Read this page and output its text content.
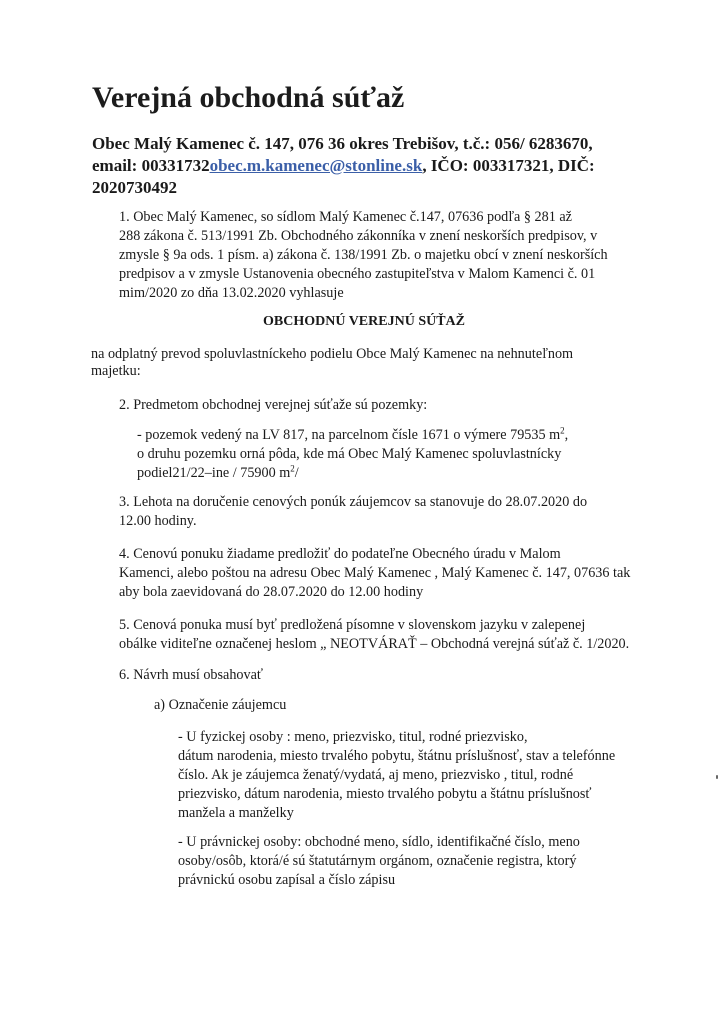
Verejná obchodná súťaž
Obec Malý Kamenec č. 147, 076 36 okres Trebišov, t.č.: 056/ 6283670,
email: 00331732obec.m.kamenec@stonline.sk, IČO: 003317321, DIČ:
2020730492
1. Obec Malý Kamenec, so sídlom Malý Kamenec č.147, 07636 podľa § 281 až
288 zákona č. 513/1991 Zb. Obchodného zákonníka v znení neskorších predpisov, v
zmysle § 9a ods. 1 písm. a) zákona č. 138/1991 Zb. o majetku obcí v znení neskorších
predpisov a v zmysle Ustanovenia obecného zastupiteľstva v Malom Kamenci č. 01
mim/2020 zo dňa 13.02.2020 vyhlasuje
OBCHODNÚ VEREJNÚ SÚŤAŽ
na odplatný prevod spoluvlastníckeho podielu Obce Malý Kamenec na nehnuteľnom
majetku:
2. Predmetom obchodnej verejnej súťaže sú pozemky:
- pozemok vedený na LV 817, na parcelnom čísle 1671 o výmere 79535 $m^2$,
o druhu pozemku orná pôda, kde má Obec Malý Kamenec spoluvlastnícky
podiel21/22–ine / 75900 $m^2/$
3. Lehota na doručenie cenových ponúk záujemcov sa stanovuje do 28.07.2020 do
12.00 hodiny.
4. Cenovú ponuku žiadame predložiť do podateľne Obecného úradu v Malom
Kamenci, alebo poštou na adresu Obec Malý Kamenec , Malý Kamenec č. 147, 07636 tak
aby bola zaevidovaná do 28.07.2020 do 12.00 hodiny
5. Cenová ponuka musí byť predložená písomne v slovenskom jazyku v zalepenej
obálke viditeľne označenej heslom „ NEOTVÁRAŤ – Obchodná verejná súťaž č. 1/2020.
6. Návrh musí obsahovať
a) Označenie záujemcu
- U fyzickej osoby : meno, priezvisko, titul, rodné priezvisko,
dátum narodenia, miesto trvalého pobytu, štátnu príslušnosť, stav a telefónne
číslo. Ak je záujemca ženatý/vydatá, aj meno, priezvisko , titul, rodné
priezvisko, dátum narodenia, miesto trvalého pobytu a štátnu príslušnosť
manžela a manželky
- U právnickej osoby: obchodné meno, sídlo, identifikačné číslo, meno
osoby/osôb, ktorá/é sú štatutárnym orgánom, označenie registra, ktorý
právnickú osobu zapísal a číslo zápisu
